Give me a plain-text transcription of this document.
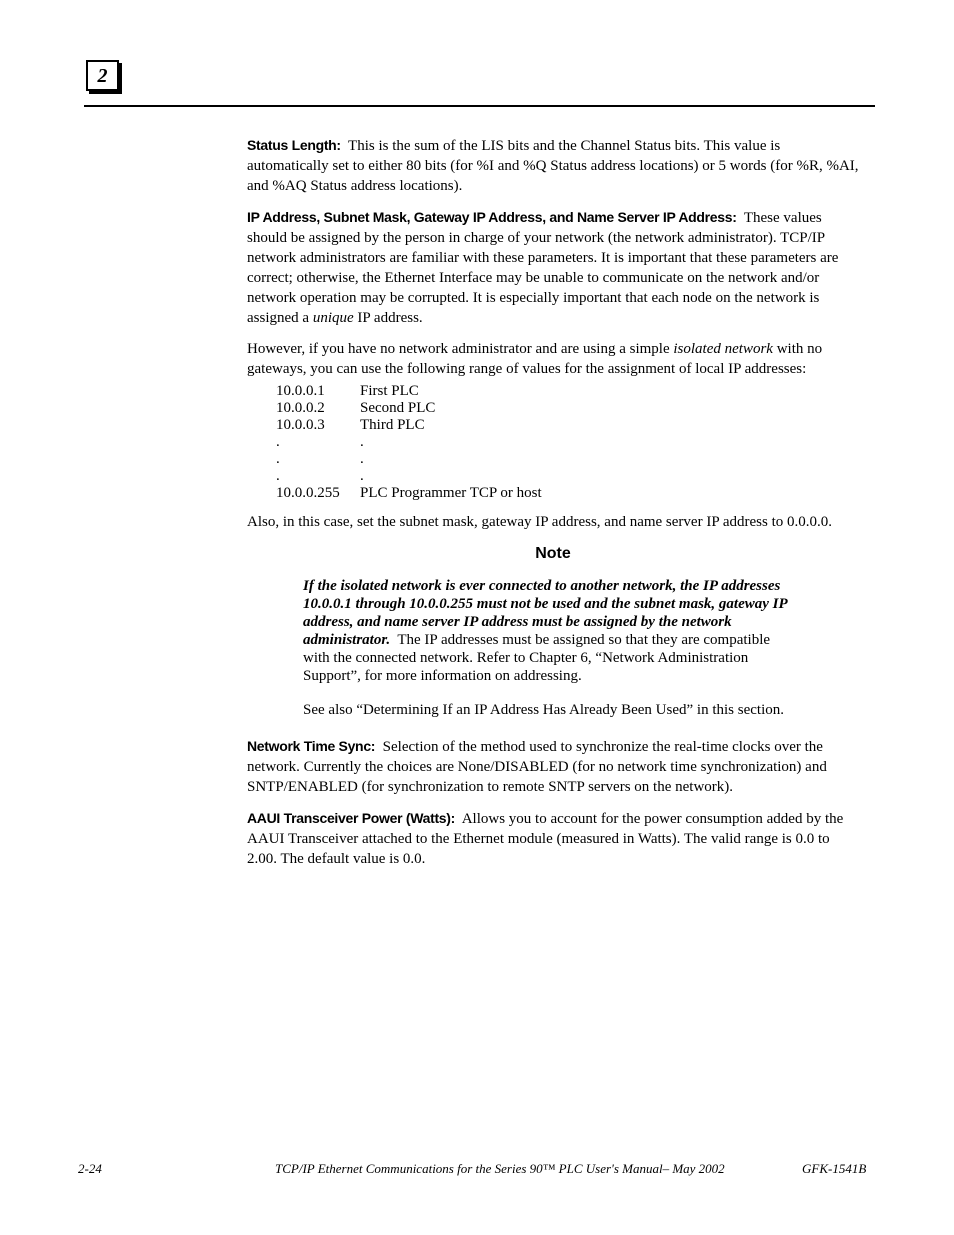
2

Status Length: This is the sum of the LIS bits and the Channel Status bits. This value is automatically set to either 80 bits (for %I and %Q Status address locations) or 5 words (for %R, %AI, and %AQ Status address locations).

IP Address, Subnet Mask, Gateway IP Address, and Name Server IP Address: These values should be assigned by the person in charge of your network (the network administrator). TCP/IP network administrators are familiar with these parameters. It is important that these parameters are correct; otherwise, the Ethernet Interface may be unable to communicate on the network and/or network operation may be corrupted. It is especially important that each node on the network is assigned a unique IP address.

However, if you have no network administrator and are using a simple isolated network with no gateways, you can use the following range of values for the assignment of local IP addresses:

10.0.0.1	First PLC
10.0.0.2	Second PLC
10.0.0.3	Third PLC
.	.
.	.
.	.
10.0.0.255	PLC Programmer TCP or host

Also, in this case, set the subnet mask, gateway IP address, and name server IP address to 0.0.0.0.

Note

If the isolated network is ever connected to another network, the IP addresses 10.0.0.1 through 10.0.0.255 must not be used and the subnet mask, gateway IP address, and name server IP address must be assigned by the network administrator. The IP addresses must be assigned so that they are compatible with the connected network. Refer to Chapter 6, “Network Administration Support”, for more information on addressing.

See also “Determining If an IP Address Has Already Been Used” in this section.

Network Time Sync: Selection of the method used to synchronize the real-time clocks over the network. Currently the choices are None/DISABLED (for no network time synchronization) and SNTP/ENABLED (for synchronization to remote SNTP servers on the network).

AAUI Transceiver Power (Watts): Allows you to account for the power consumption added by the AAUI Transceiver attached to the Ethernet module (measured in Watts). The valid range is 0.0 to 2.00. The default value is 0.0.

2-24	TCP/IP Ethernet Communications for the Series 90™ PLC User's Manual– May 2002	GFK-1541B
